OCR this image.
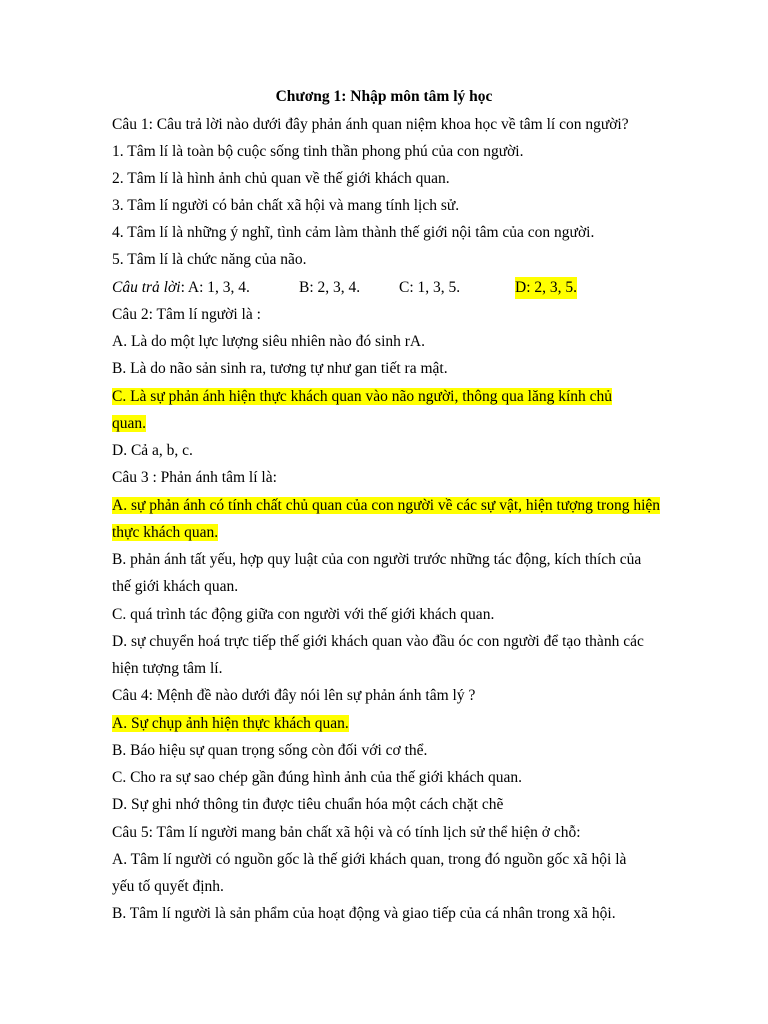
Chương 1: Nhập môn tâm lý học
Câu 1: Câu trả lời nào dưới đây phản ánh quan niệm khoa học về tâm lí con người?
1. Tâm lí là toàn bộ cuộc sống tinh thần phong phú của con người.
2. Tâm lí là hình ảnh chủ quan về thế giới khách quan.
3. Tâm lí người có bản chất xã hội và mang tính lịch sử.
4. Tâm lí là những ý nghĩ, tình cảm làm thành thế giới nội tâm của con người.
5. Tâm lí là chức năng của não.
Câu trả lời: A: 1, 3, 4.	B: 2, 3, 4.	C: 1, 3, 5.	D: 2, 3, 5.
Câu 2: Tâm lí người là :
A. Là do một lực lượng siêu nhiên nào đó sinh rA.
B. Là do não sản sinh ra, tương tự như gan tiết ra mật.
C. Là sự phản ánh hiện thực khách quan vào não người, thông qua lăng kính chủ
quan.
D. Cả a, b, c.
Câu 3 : Phản ánh tâm lí là:
A. sự phản ánh có tính chất chủ quan của con người về các sự vật, hiện tượng trong hiện
thực khách quan.
B. phản ánh tất yếu, hợp quy luật của con người trước những tác động, kích thích của
thế giới khách quan.
C. quá trình tác động giữa con người với thế giới khách quan.
D. sự chuyển hoá trực tiếp thế giới khách quan vào đầu óc con người để tạo thành các
hiện tượng tâm lí.
Câu 4: Mệnh đề nào dưới đây nói lên sự phản ánh tâm lý ?
A. Sự chụp ảnh hiện thực khách quan.
B. Báo hiệu sự quan trọng sống còn đối với cơ thể.
C. Cho ra sự sao chép gần đúng hình ảnh của thế giới khách quan.
D. Sự ghi nhớ thông tin được tiêu chuẩn hóa một cách chặt chẽ
Câu 5: Tâm lí người mang bản chất xã hội và có tính lịch sử thể hiện ở chỗ:
A. Tâm lí người có nguồn gốc là thế giới khách quan, trong đó nguồn gốc xã hội là
yếu tố quyết định.
B. Tâm lí người là sản phẩm của hoạt động và giao tiếp của cá nhân trong xã hội.
